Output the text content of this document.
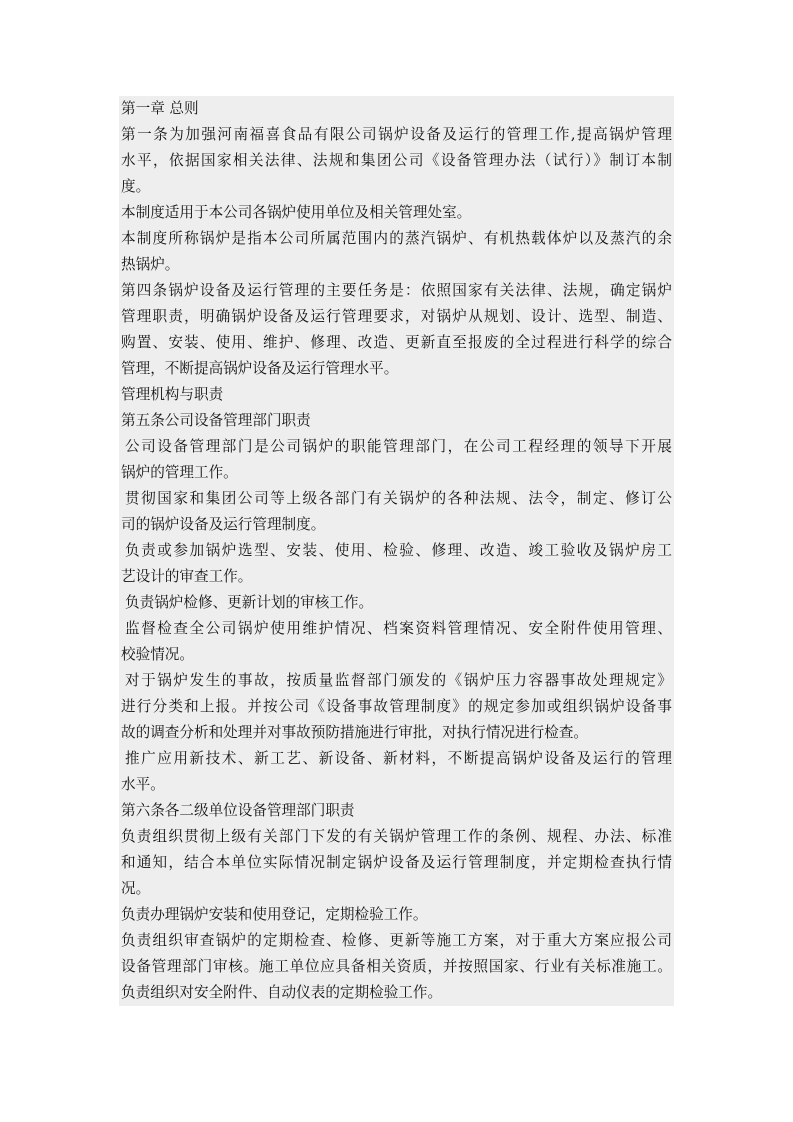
第一章 总则
第一条为加强河南福喜食品有限公司锅炉设备及运行的管理工作,提高锅炉管理
水平，依据国家相关法律、法规和集团公司《设备管理办法（试行）》制订本制
度。
本制度适用于本公司各锅炉使用单位及相关管理处室。
本制度所称锅炉是指本公司所属范围内的蒸汽锅炉、有机热载体炉以及蒸汽的余
热锅炉。
第四条锅炉设备及运行管理的主要任务是：依照国家有关法律、法规，确定锅炉
管理职责，明确锅炉设备及运行管理要求，对锅炉从规划、设计、选型、制造、
购置、安装、使用、维护、修理、改造、更新直至报废的全过程进行科学的综合
管理，不断提高锅炉设备及运行管理水平。
管理机构与职责
第五条公司设备管理部门职责
公司设备管理部门是公司锅炉的职能管理部门，在公司工程经理的领导下开展
锅炉的管理工作。
贯彻国家和集团公司等上级各部门有关锅炉的各种法规、法令，制定、修订公
司的锅炉设备及运行管理制度。
负责或参加锅炉选型、安装、使用、检验、修理、改造、竣工验收及锅炉房工
艺设计的审查工作。
负责锅炉检修、更新计划的审核工作。
监督检查全公司锅炉使用维护情况、档案资料管理情况、安全附件使用管理、
校验情况。
对于锅炉发生的事故，按质量监督部门颁发的《锅炉压力容器事故处理规定》
进行分类和上报。并按公司《设备事故管理制度》的规定参加或组织锅炉设备事
故的调查分析和处理并对事故预防措施进行审批，对执行情况进行检查。
推广应用新技术、新工艺、新设备、新材料，不断提高锅炉设备及运行的管理
水平。
第六条各二级单位设备管理部门职责
负责组织贯彻上级有关部门下发的有关锅炉管理工作的条例、规程、办法、标准
和通知，结合本单位实际情况制定锅炉设备及运行管理制度，并定期检查执行情
况。
负责办理锅炉安装和使用登记，定期检验工作。
负责组织审查锅炉的定期检查、检修、更新等施工方案，对于重大方案应报公司
设备管理部门审核。施工单位应具备相关资质，并按照国家、行业有关标准施工。
负责组织对安全附件、自动仪表的定期检验工作。
